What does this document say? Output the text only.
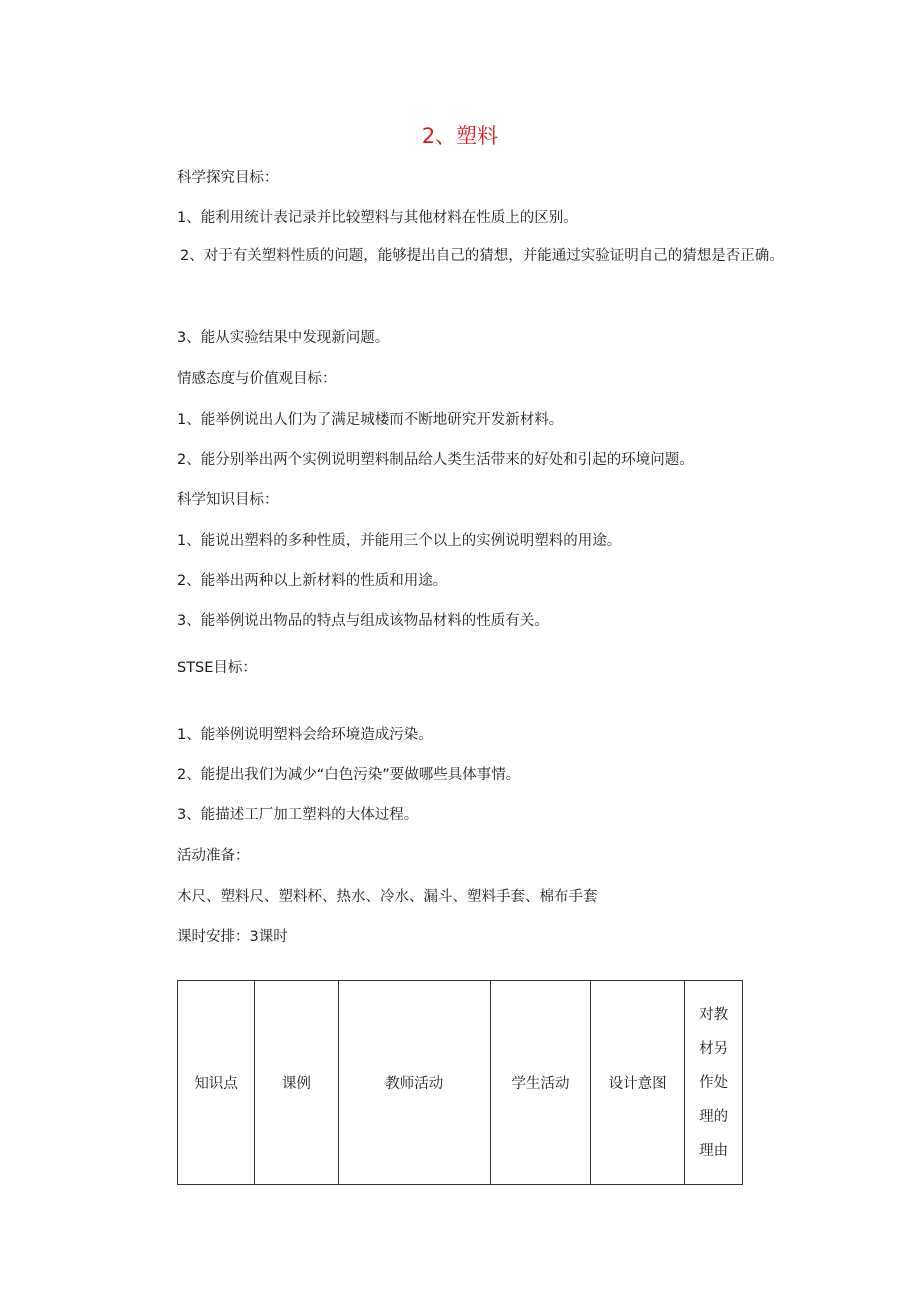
2、塑料
科学探究目标：
1、能利用统计表记录并比较塑料与其他材料在性质上的区别。
2、对于有关塑料性质的问题，能够提出自己的猜想，并能通过实验证明自己的猜想是否正确。
3、能从实验结果中发现新问题。
情感态度与价值观目标：
1、能举例说出人们为了满足城楼而不断地研究开发新材料。
2、能分别举出两个实例说明塑料制品给人类生活带来的好处和引起的环境问题。
科学知识目标：
1、能说出塑料的多种性质，并能用三个以上的实例说明塑料的用途。
2、能举出两种以上新材料的性质和用途。
3、能举例说出物品的特点与组成该物品材料的性质有关。
STSE目标：
1、能举例说明塑料会给环境造成污染。
2、能提出我们为减少“白色污染”要做哪些具体事情。
3、能描述工厂加工塑料的大体过程。
活动准备：
木尺、塑料尺、塑料杯、热水、冷水、漏斗、塑料手套、棉布手套
课时安排：3课时
知识点	课例	教师活动	学生活动	设计意图	对教材另作处理的理由
